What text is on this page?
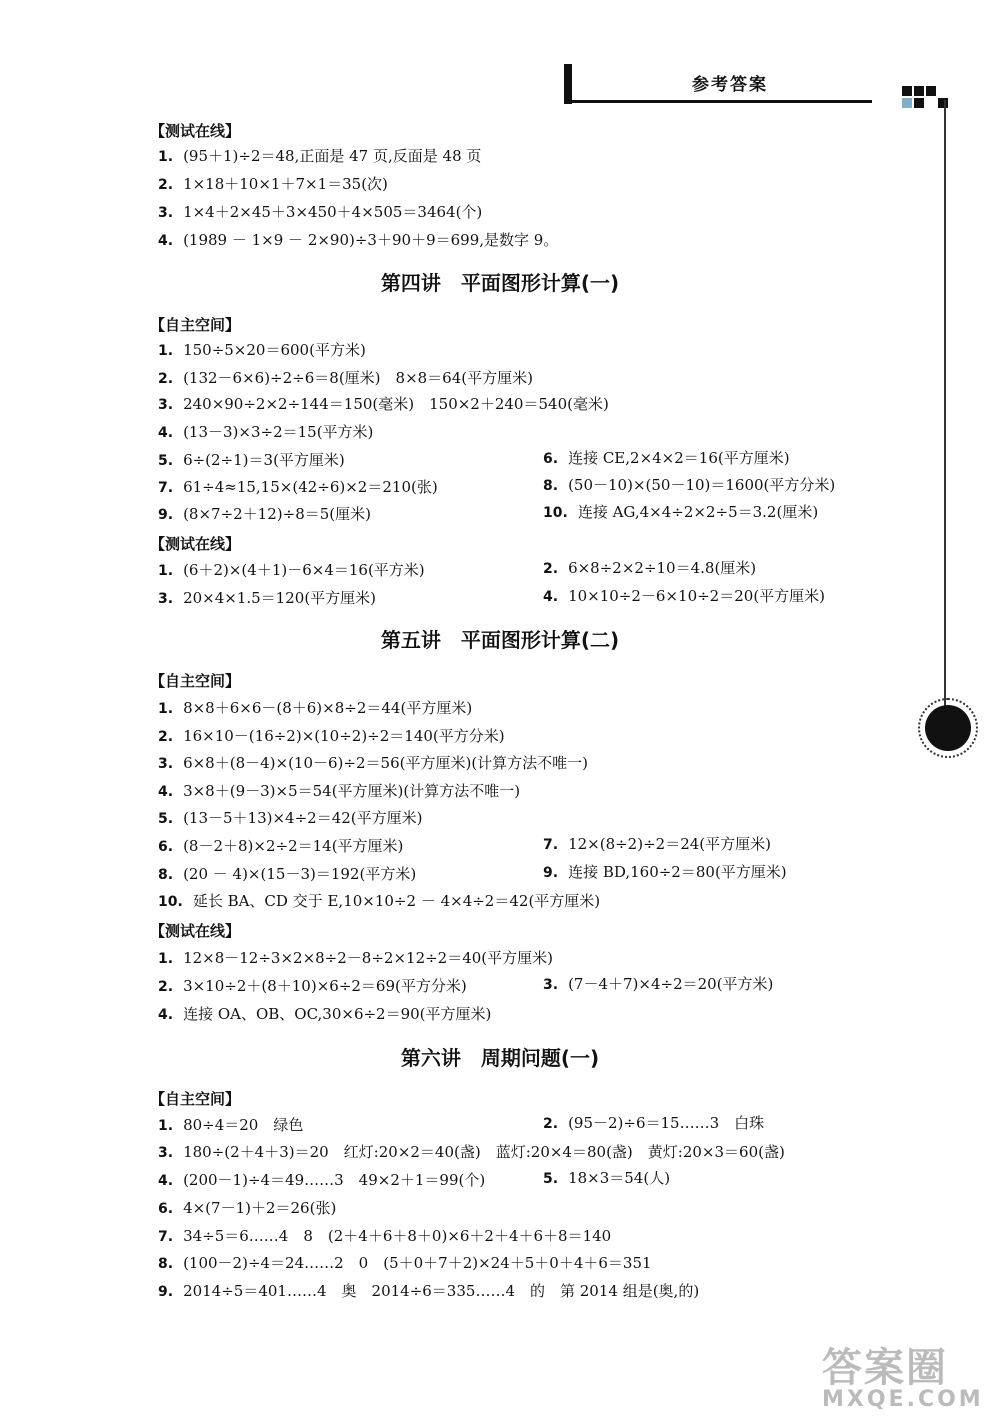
参考答案
【测试在线】
1. (95＋1)÷2＝48,正面是 47 页,反面是 48 页
2. 1×18＋10×1＋7×1＝35(次)
3. 1×4＋2×45＋3×450＋4×505＝3464(个)
4. (1989 － 1×9 － 2×90)÷3＋90＋9＝699,是数字 9。
第四讲　平面图形计算(一)
【自主空间】
1. 150÷5×20＝600(平方米)
2. (132－6×6)÷2÷6＝8(厘米)　8×8＝64(平方厘米)
3. 240×90÷2×2÷144＝150(毫米)　150×2＋240＝540(毫米)
4. (13－3)×3÷2＝15(平方米)
5. 6÷(2÷1)＝3(平方厘米)	6. 连接 CE,2×4×2＝16(平方厘米)
7. 61÷4≈15,15×(42÷6)×2＝210(张)	8. (50－10)×(50－10)＝1600(平方分米)
9. (8×7÷2＋12)÷8＝5(厘米)	10. 连接 AG,4×4÷2×2÷5＝3.2(厘米)
【测试在线】
1. (6＋2)×(4＋1)－6×4＝16(平方米)	2. 6×8÷2×2÷10＝4.8(厘米)
3. 20×4×1.5＝120(平方厘米)	4. 10×10÷2－6×10÷2＝20(平方厘米)
第五讲　平面图形计算(二)
【自主空间】
1. 8×8＋6×6－(8＋6)×8÷2＝44(平方厘米)
2. 16×10－(16÷2)×(10÷2)÷2＝140(平方分米)
3. 6×8＋(8－4)×(10－6)÷2＝56(平方厘米)(计算方法不唯一)
4. 3×8＋(9－3)×5＝54(平方厘米)(计算方法不唯一)
5. (13－5＋13)×4÷2＝42(平方厘米)
6. (8－2＋8)×2÷2＝14(平方厘米)	7. 12×(8÷2)÷2＝24(平方厘米)
8. (20 － 4)×(15－3)＝192(平方米)	9. 连接 BD,160÷2＝80(平方厘米)
10. 延长 BA、CD 交于 E,10×10÷2 － 4×4÷2＝42(平方厘米)
【测试在线】
1. 12×8－12÷3×2×8÷2－8÷2×12÷2＝40(平方厘米)
2. 3×10÷2＋(8＋10)×6÷2＝69(平方分米)	3. (7－4＋7)×4÷2＝20(平方米)
4. 连接 OA、OB、OC,30×6÷2＝90(平方厘米)
第六讲　周期问题(一)
【自主空间】
1. 80÷4＝20　绿色	2. (95－2)÷6＝15……3　白珠
3. 180÷(2＋4＋3)＝20　红灯:20×2＝40(盏)　蓝灯:20×4＝80(盏)　黄灯:20×3＝60(盏)
4. (200－1)÷4＝49……3　49×2＋1＝99(个)	5. 18×3＝54(人)
6. 4×(7－1)＋2＝26(张)
7. 34÷5＝6……4　8　(2＋4＋6＋8＋0)×6＋2＋4＋6＋8＝140
8. (100－2)÷4＝24……2　0　(5＋0＋7＋2)×24＋5＋0＋4＋6＝351
9. 2014÷5＝401……4　奥　2014÷6＝335……4　的　第 2014 组是(奥,的)
答案圈
MXQE.COM
